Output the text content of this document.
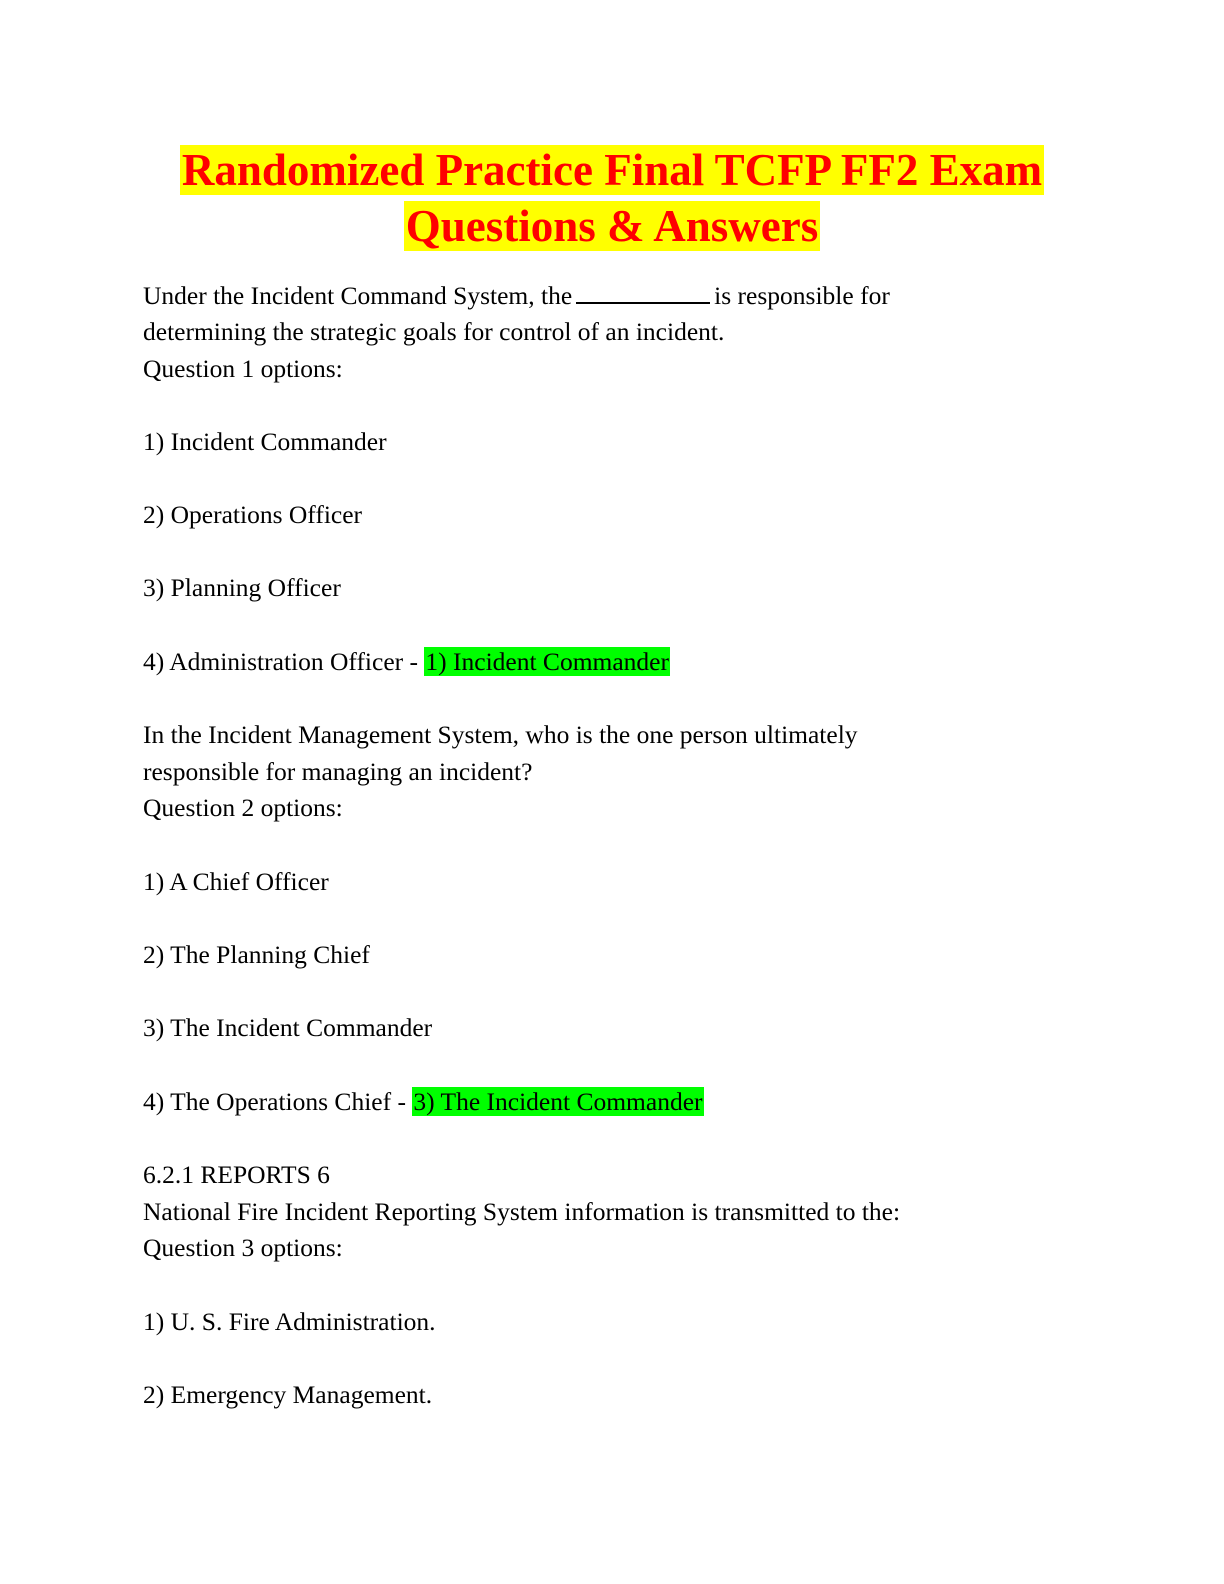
Randomized Practice Final TCFP FF2 Exam
Questions & Answers
Under the Incident Command System, the	is responsible for
determining the strategic goals for control of an incident.
Question 1 options:
1) Incident Commander
2) Operations Officer
3) Planning Officer
4) Administration Officer - 1) Incident Commander
In the Incident Management System, who is the one person ultimately
responsible for managing an incident?
Question 2 options:
1) A Chief Officer
2) The Planning Chief
3) The Incident Commander
4) The Operations Chief - 3) The Incident Commander
6.2.1 REPORTS 6
National Fire Incident Reporting System information is transmitted to the:
Question 3 options:
1) U. S. Fire Administration.
2) Emergency Management.
